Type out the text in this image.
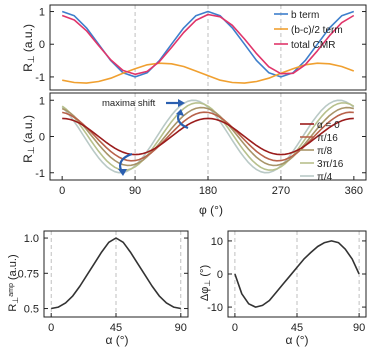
-1
0
1	b term
(b-c)/2 term
total CMR
-1
0
1
0	90	180	270	360
α = 0
π/16
π/8
3π/16
π/4
maxima shift
0.5
0.75
1.0
0	45	90
-10
0
10
0	45	90
R⊥ (a.u.)
R⊥ (a.u.)
φ (°)
R⊥amp (a.u.)
α (°)
Δφ⊥ (°)
α (°)
